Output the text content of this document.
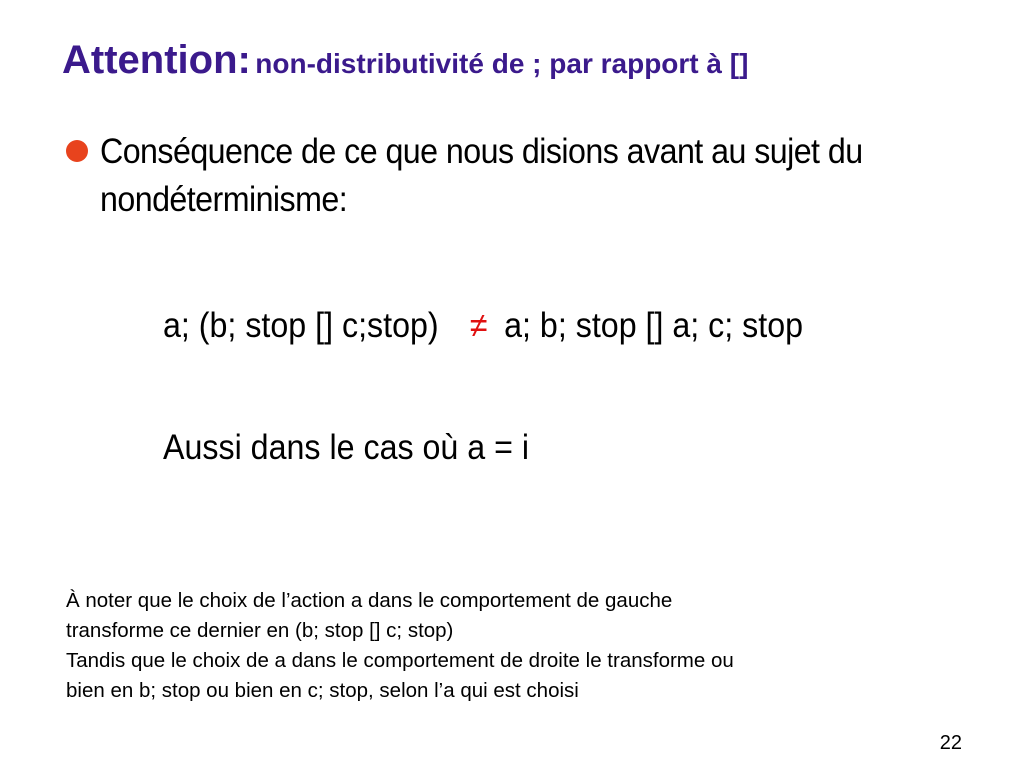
Attention: non-distributivité de ; par rapport à []
Conséquence de ce que nous disions avant au sujet du nondéterminisme:
a; (b; stop [] c;stop) ≠ a; b; stop [] a; c; stop
Aussi dans le cas où a = i
À noter que le choix de l’action a dans le comportement de gauche
transforme ce dernier en (b; stop [] c; stop)
Tandis que le choix de a dans le comportement de droite le transforme ou
bien en b; stop ou bien en c; stop, selon l’a qui est choisi
22
